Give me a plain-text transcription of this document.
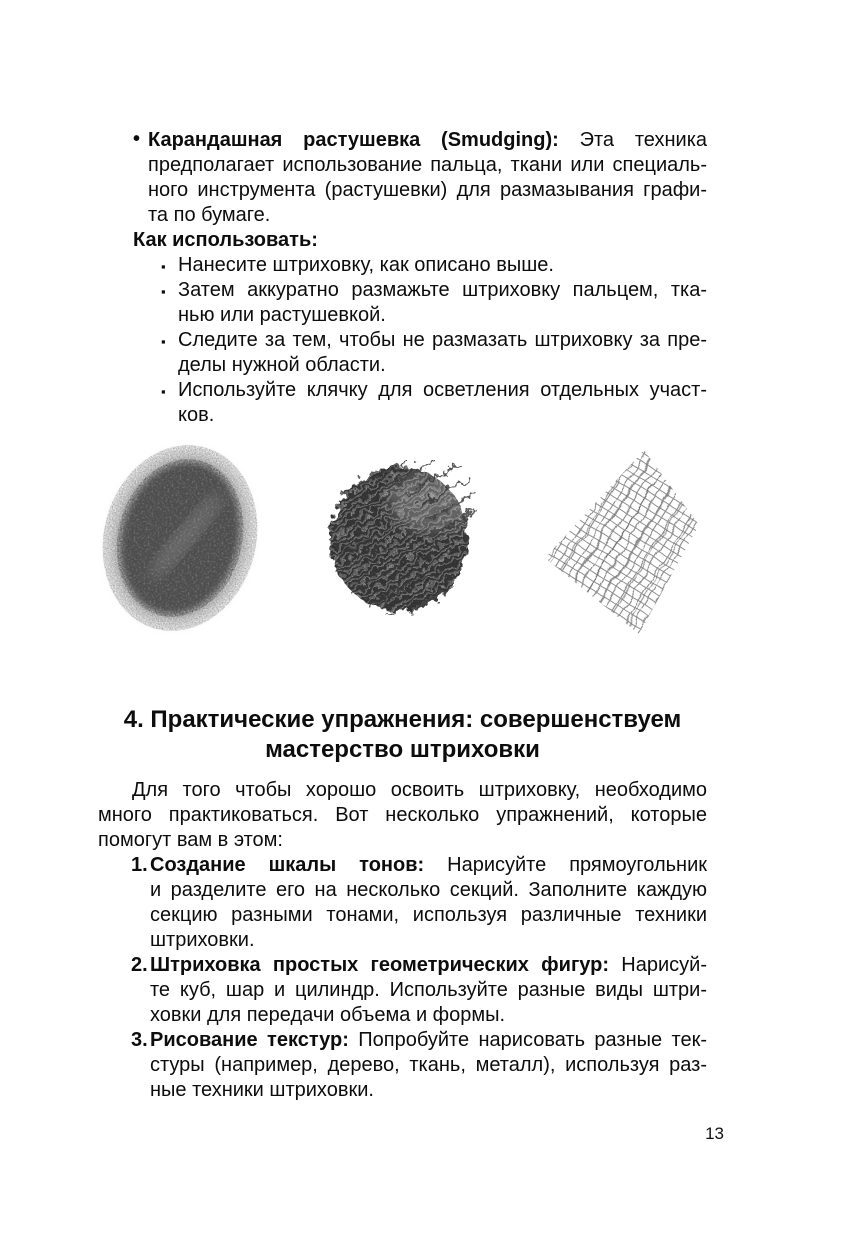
• Карандашная растушевка (Smudging): Эта техника
предполагает использование пальца, ткани или специаль-
ного инструмента (растушевки) для размазывания графи-
та по бумаге.
Как использовать:
▪ Нанесите штриховку, как описано выше.
▪ Затем аккуратно размажьте штриховку пальцем, тка-
нью или растушевкой.
▪ Следите за тем, чтобы не размазать штриховку за пре-
делы нужной области.
▪ Используйте клячку для осветления отдельных участ-
ков.
4. Практические упражнения: совершенствуем
мастерство штриховки
Для того чтобы хорошо освоить штриховку, необходимо
много практиковаться. Вот несколько упражнений, которые
помогут вам в этом:
1. Создание шкалы тонов: Нарисуйте прямоугольник
и разделите его на несколько секций. Заполните каждую
секцию разными тонами, используя различные техники
штриховки.
2. Штриховка простых геометрических фигур: Нарисуй-
те куб, шар и цилиндр. Используйте разные виды штри-
ховки для передачи объема и формы.
3. Рисование текстур: Попробуйте нарисовать разные тек-
стуры (например, дерево, ткань, металл), используя раз-
ные техники штриховки.
13
